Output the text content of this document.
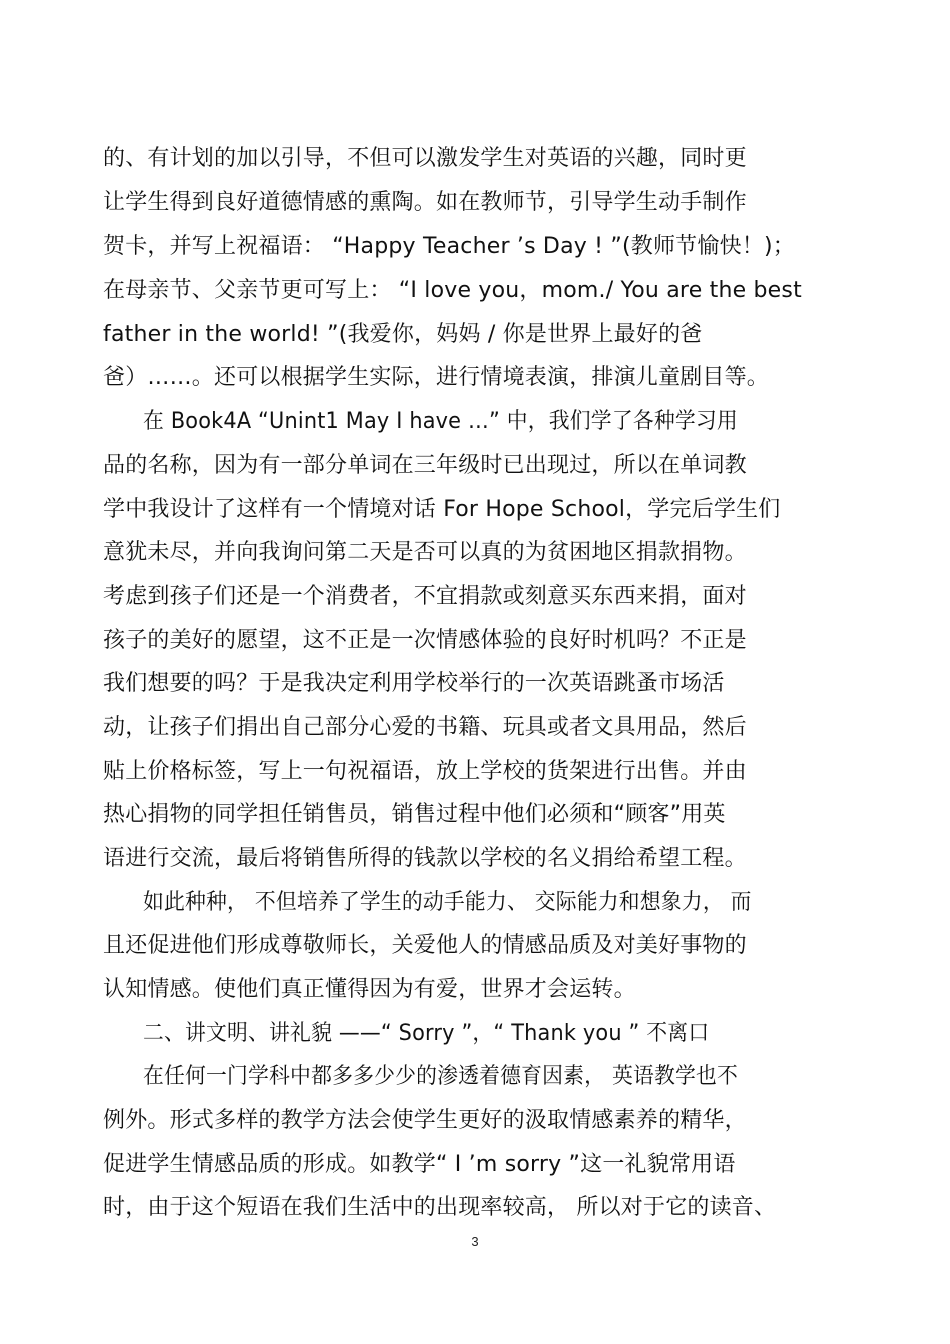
的、有计划的加以引导，不但可以激发学生对英语的兴趣，同时更
让学生得到良好道德情感的熏陶。如在教师节，引导学生动手制作
贺卡，并写上祝福语： “Happy Teacher ’s Day ! ”(教师节愉快！)；
在母亲节、父亲节更可写上： “I love you，mom./ You are the best
father in the world! ”(我爱你，妈妈 / 你是世界上最好的爸
爸）……。还可以根据学生实际，进行情境表演，排演儿童剧目等。
在 Book4A “Unint1 May I have …” 中，我们学了各种学习用
品的名称，因为有一部分单词在三年级时已出现过，所以在单词教
学中我设计了这样有一个情境对话 For Hope School，学完后学生们
意犹未尽，并向我询问第二天是否可以真的为贫困地区捐款捐物。
考虑到孩子们还是一个消费者，不宜捐款或刻意买东西来捐，面对
孩子的美好的愿望，这不正是一次情感体验的良好时机吗？不正是
我们想要的吗？于是我决定利用学校举行的一次英语跳蚤市场活
动，让孩子们捐出自己部分心爱的书籍、玩具或者文具用品，然后
贴上价格标签，写上一句祝福语，放上学校的货架进行出售。并由
热心捐物的同学担任销售员，销售过程中他们必须和“顾客”用英
语进行交流，最后将销售所得的钱款以学校的名义捐给希望工程。
如此种种， 不但培养了学生的动手能力、 交际能力和想象力， 而
且还促进他们形成尊敬师长，关爱他人的情感品质及对美好事物的
认知情感。使他们真正懂得因为有爱，世界才会运转。
二、讲文明、讲礼貌 ——“ Sorry ”，“ Thank you ” 不离口
在任何一门学科中都多多少少的渗透着德育因素， 英语教学也不
例外。形式多样的教学方法会使学生更好的汲取情感素养的精华，
促进学生情感品质的形成。如教学“ I ’m sorry ”这一礼貌常用语
时，由于这个短语在我们生活中的出现率较高， 所以对于它的读音、
3
